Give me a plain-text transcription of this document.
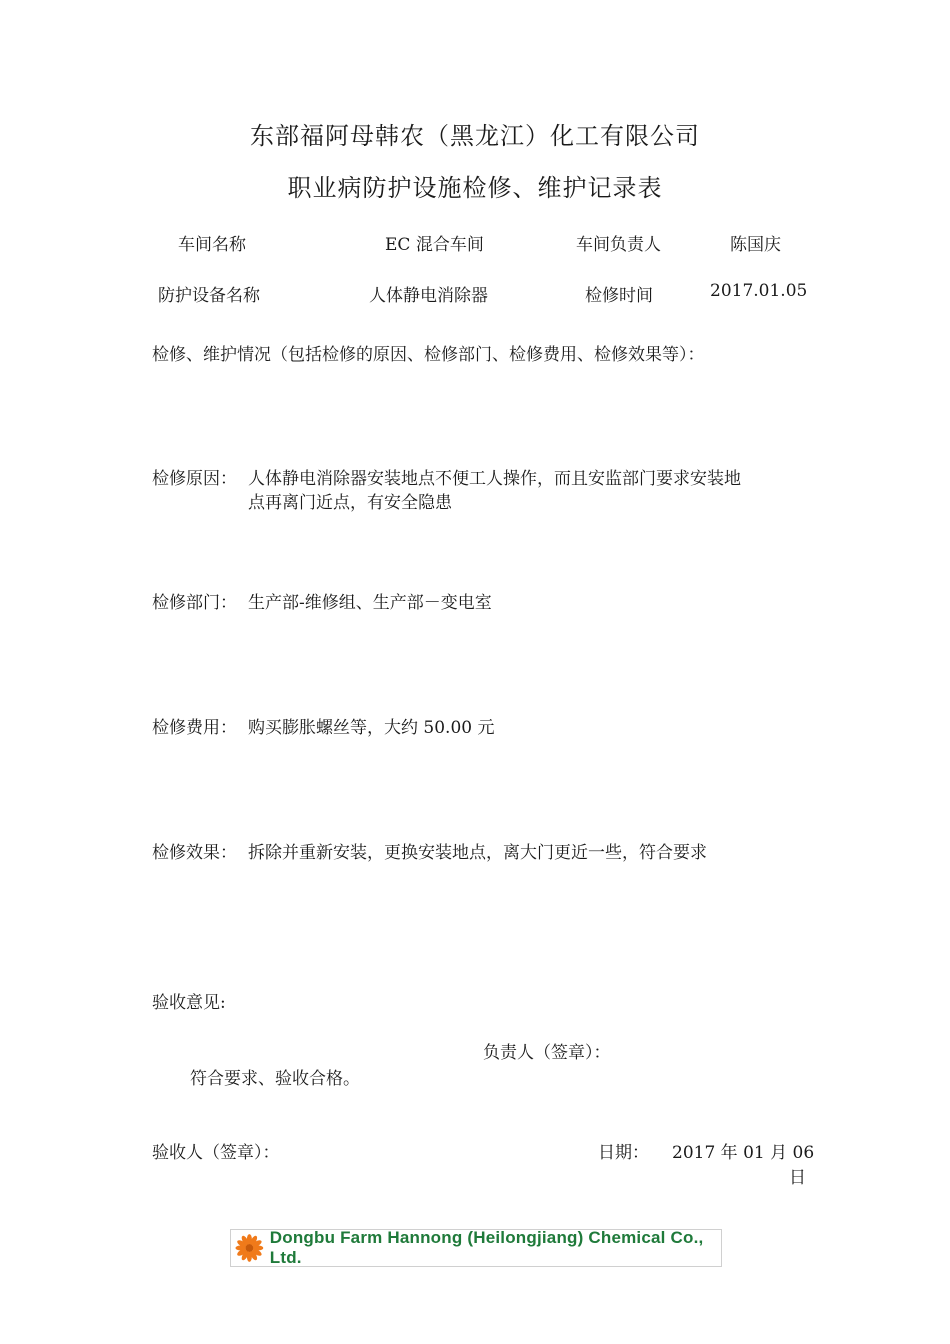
东部福阿母韩农（黑龙江）化工有限公司
职业病防护设施检修、维护记录表
车间名称	EC 混合车间	车间负责人	陈国庆
防护设备名称	人体静电消除器	检修时间	2017.01.05
检修、维护情况（包括检修的原因、检修部门、检修费用、检修效果等）：
检修原因： 人体静电消除器安装地点不便工人操作，而且安监部门要求安装地
点再离门近点，有安全隐患
检修部门： 生产部-维修组、生产部－变电室
检修费用： 购买膨胀螺丝等，大约 50.00 元
检修效果： 拆除并重新安装，更换安装地点，离大门更近一些，符合要求
验收意见:
负责人（签章）：
符合要求、验收合格。
验收人（签章）：	日期： 2017 年 01 月 06
日
Dongbu Farm Hannong (Heilongjiang) Chemical Co., Ltd.
